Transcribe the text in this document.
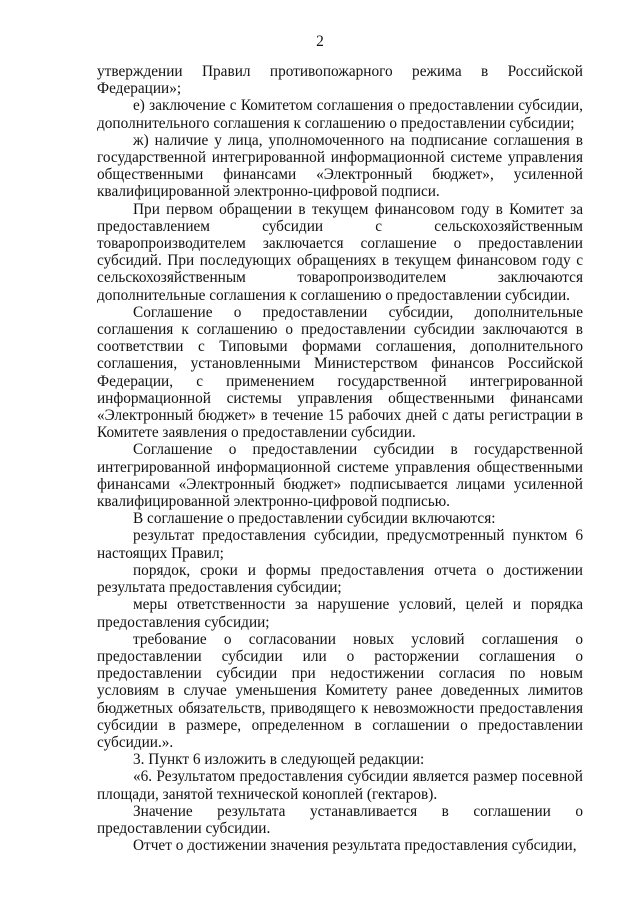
2

утверждении Правил противопожарного режима в Российской Федерации»;

е) заключение с Комитетом соглашения о предоставлении субсидии, дополнительного соглашения к соглашению о предоставлении субсидии;

ж) наличие у лица, уполномоченного на подписание соглашения в государственной интегрированной информационной системе управления общественными финансами «Электронный бюджет», усиленной квалифицированной электронно-цифровой подписи.

При первом обращении в текущем финансовом году в Комитет за предоставлением субсидии с сельскохозяйственным товаропроизводителем заключается соглашение о предоставлении субсидий. При последующих обращениях в текущем финансовом году с сельскохозяйственным товаропроизводителем заключаются дополнительные соглашения к соглашению о предоставлении субсидии.

Соглашение о предоставлении субсидии, дополнительные соглашения к соглашению о предоставлении субсидии заключаются в соответствии с Типовыми формами соглашения, дополнительного соглашения, установленными Министерством финансов Российской Федерации, с применением государственной интегрированной информационной системы управления общественными финансами «Электронный бюджет» в течение 15 рабочих дней с даты регистрации в Комитете заявления о предоставлении субсидии.

Соглашение о предоставлении субсидии в государственной интегрированной информационной системе управления общественными финансами «Электронный бюджет» подписывается лицами усиленной квалифицированной электронно-цифровой подписью.

В соглашение о предоставлении субсидии включаются:

результат предоставления субсидии, предусмотренный пунктом 6 настоящих Правил;

порядок, сроки и формы предоставления отчета о достижении результата предоставления субсидии;

меры ответственности за нарушение условий, целей и порядка предоставления субсидии;

требование о согласовании новых условий соглашения о предоставлении субсидии или о расторжении соглашения о предоставлении субсидии при недостижении согласия по новым условиям в случае уменьшения Комитету ранее доведенных лимитов бюджетных обязательств, приводящего к невозможности предоставления субсидии в размере, определенном в соглашении о предоставлении субсидии.».

3. Пункт 6 изложить в следующей редакции:

«6. Результатом предоставления субсидии является размер посевной площади, занятой технической коноплей (гектаров).

Значение результата устанавливается в соглашении о предоставлении субсидии.

Отчет о достижении значения результата предоставления субсидии,
